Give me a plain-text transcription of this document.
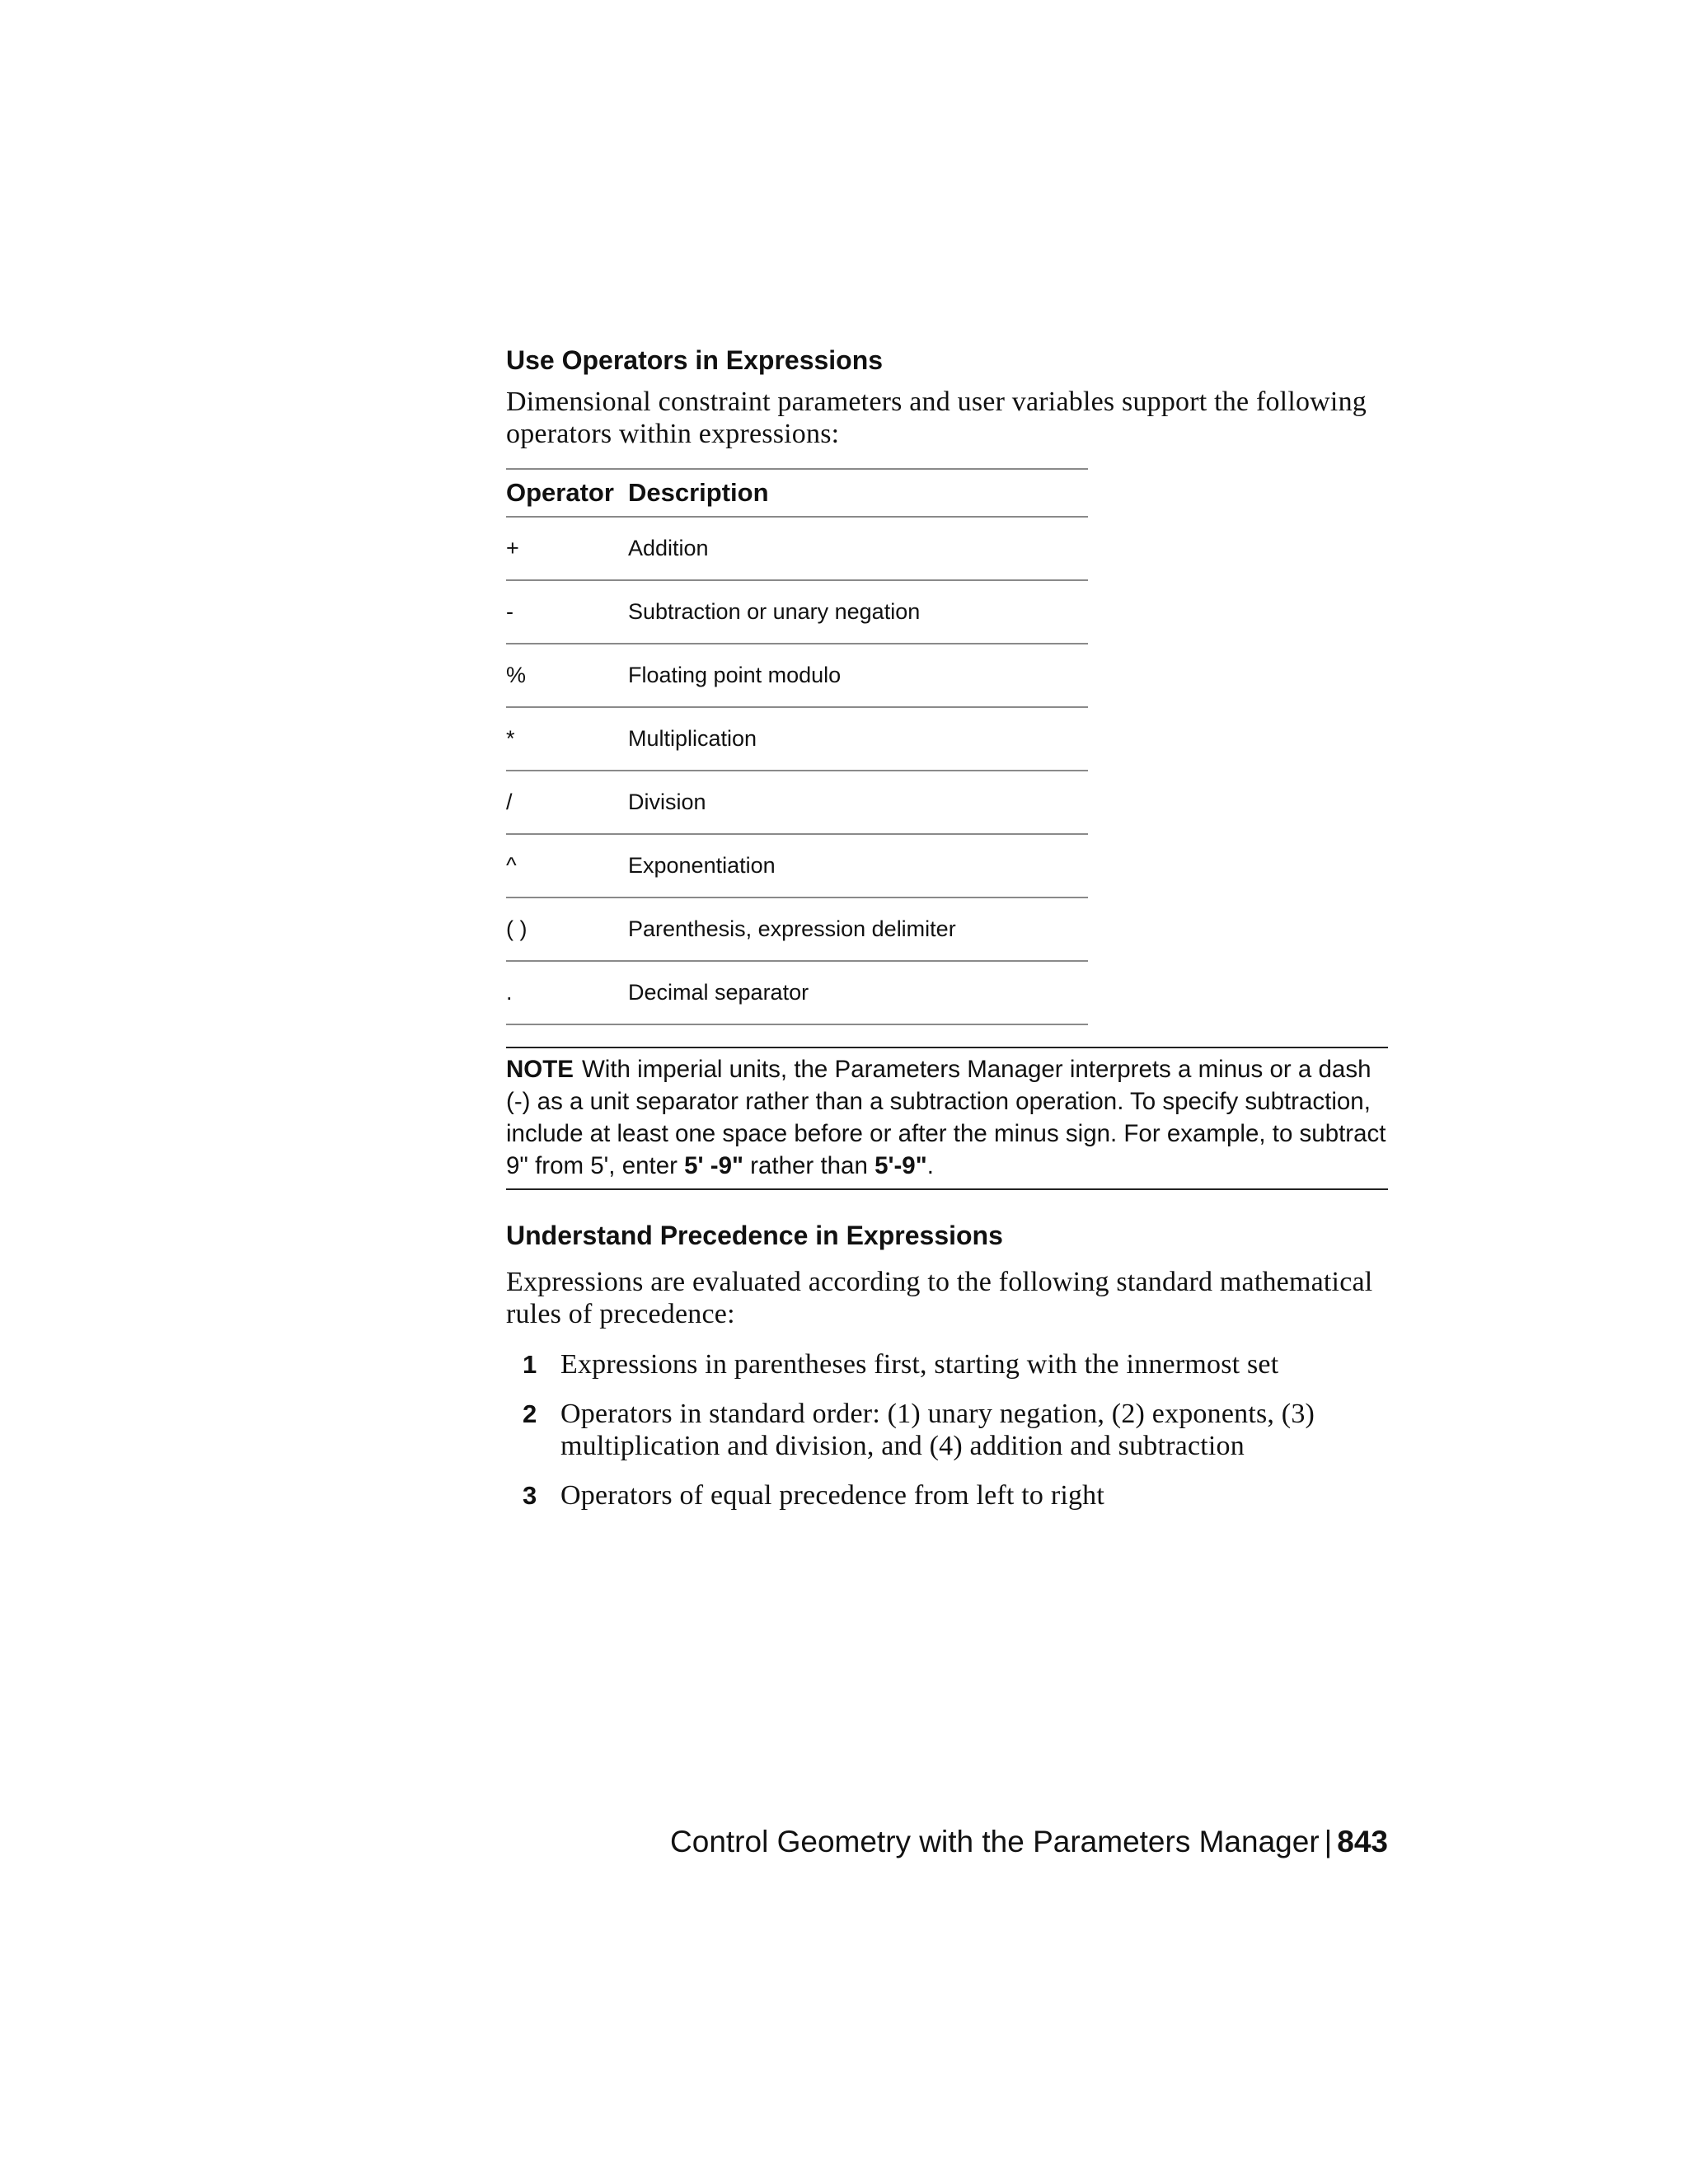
Use Operators in Expressions

Dimensional constraint parameters and user variables support the following operators within expressions:

Operator Description
+	Addition
-	Subtraction or unary negation
%	Floating point modulo
*	Multiplication
/	Division
^	Exponentiation
( )	Parenthesis, expression delimiter
.	Decimal separator
NOTE With imperial units, the Parameters Manager interprets a minus or a dash (-) as a unit separator rather than a subtraction operation. To specify subtraction, include at least one space before or after the minus sign. For example, to subtract 9" from 5', enter 5' -9" rather than 5'-9".
Understand Precedence in Expressions

Expressions are evaluated according to the following standard mathematical rules of precedence:

1 Expressions in parentheses first, starting with the innermost set
2 Operators in standard order: (1) unary negation, (2) exponents, (3) multiplication and division, and (4) addition and subtraction
3 Operators of equal precedence from left to right
Control Geometry with the Parameters Manager | 843
